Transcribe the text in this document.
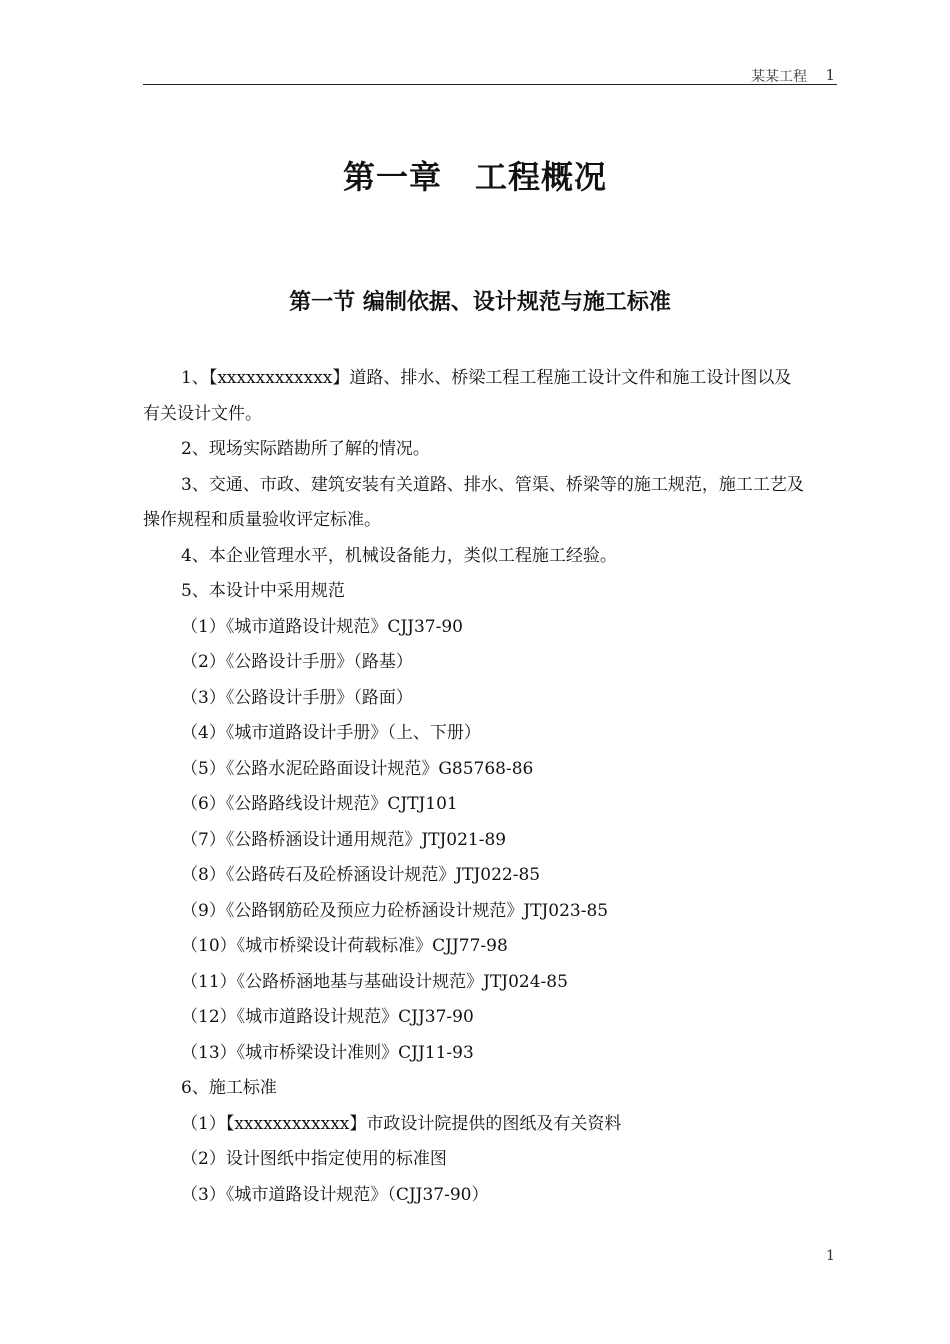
某某工程 1
第一章　工程概况
第一节 编制依据、设计规范与施工标准
1、【xxxxxxxxxxxx】道路、排水、桥梁工程工程施工设计文件和施工设计图以及
有关设计文件。
2、现场实际踏勘所了解的情况。
3、交通、市政、建筑安装有关道路、排水、管渠、桥梁等的施工规范，施工工艺及
操作规程和质量验收评定标准。
4、本企业管理水平，机械设备能力，类似工程施工经验。
5、本设计中采用规范
（1）《城市道路设计规范》CJJ37-90
（2）《公路设计手册》（路基）
（3）《公路设计手册》（路面）
（4）《城市道路设计手册》（上、下册）
（5）《公路水泥砼路面设计规范》G85768-86
（6）《公路路线设计规范》CJTJ101
（7）《公路桥涵设计通用规范》JTJ021-89
（8）《公路砖石及砼桥涵设计规范》JTJ022-85
（9）《公路钢筋砼及预应力砼桥涵设计规范》JTJ023-85
（10）《城市桥梁设计荷载标准》CJJ77-98
（11）《公路桥涵地基与基础设计规范》JTJ024-85
（12）《城市道路设计规范》CJJ37-90
（13）《城市桥梁设计准则》CJJ11-93
6、施工标准
（1）【xxxxxxxxxxxx】市政设计院提供的图纸及有关资料
（2）设计图纸中指定使用的标准图
（3）《城市道路设计规范》（CJJ37-90）
1
